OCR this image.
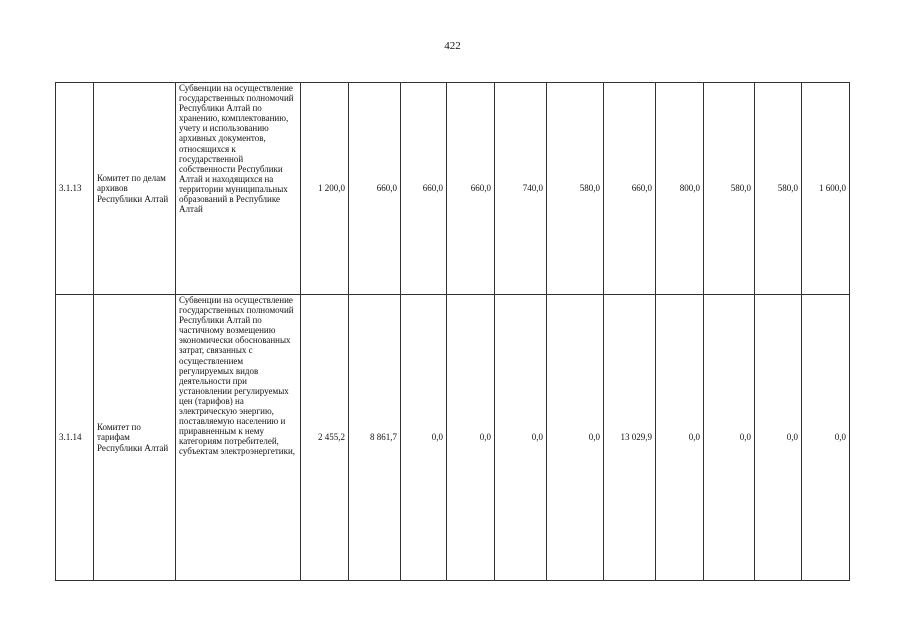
422
3.1.13	Комитет по делам архивов Республики Алтай	Субвенции на осуществление государственных полномочий Республики Алтай по хранению, комплектованию, учету и использованию архивных документов, относящихся к государственной собственности Республики Алтай и находящихся на территории муниципальных образований в Республике Алтай	1 200,0	660,0	660,0	660,0	740,0	580,0	660,0	800,0	580,0	580,0	1 600,0
3.1.14	Комитет по тарифам Республики Алтай	Субвенции на осуществление государственных полномочий Республики Алтай по частичному возмещению экономически обоснованных затрат, связанных с осуществлением регулируемых видов деятельности при установлении регулируемых цен (тарифов) на электрическую энергию, поставляемую населению и приравненным к нему категориям потребителей, субъектам электроэнергетики,	2 455,2	8 861,7	0,0	0,0	0,0	0,0	13 029,9	0,0	0,0	0,0	0,0
